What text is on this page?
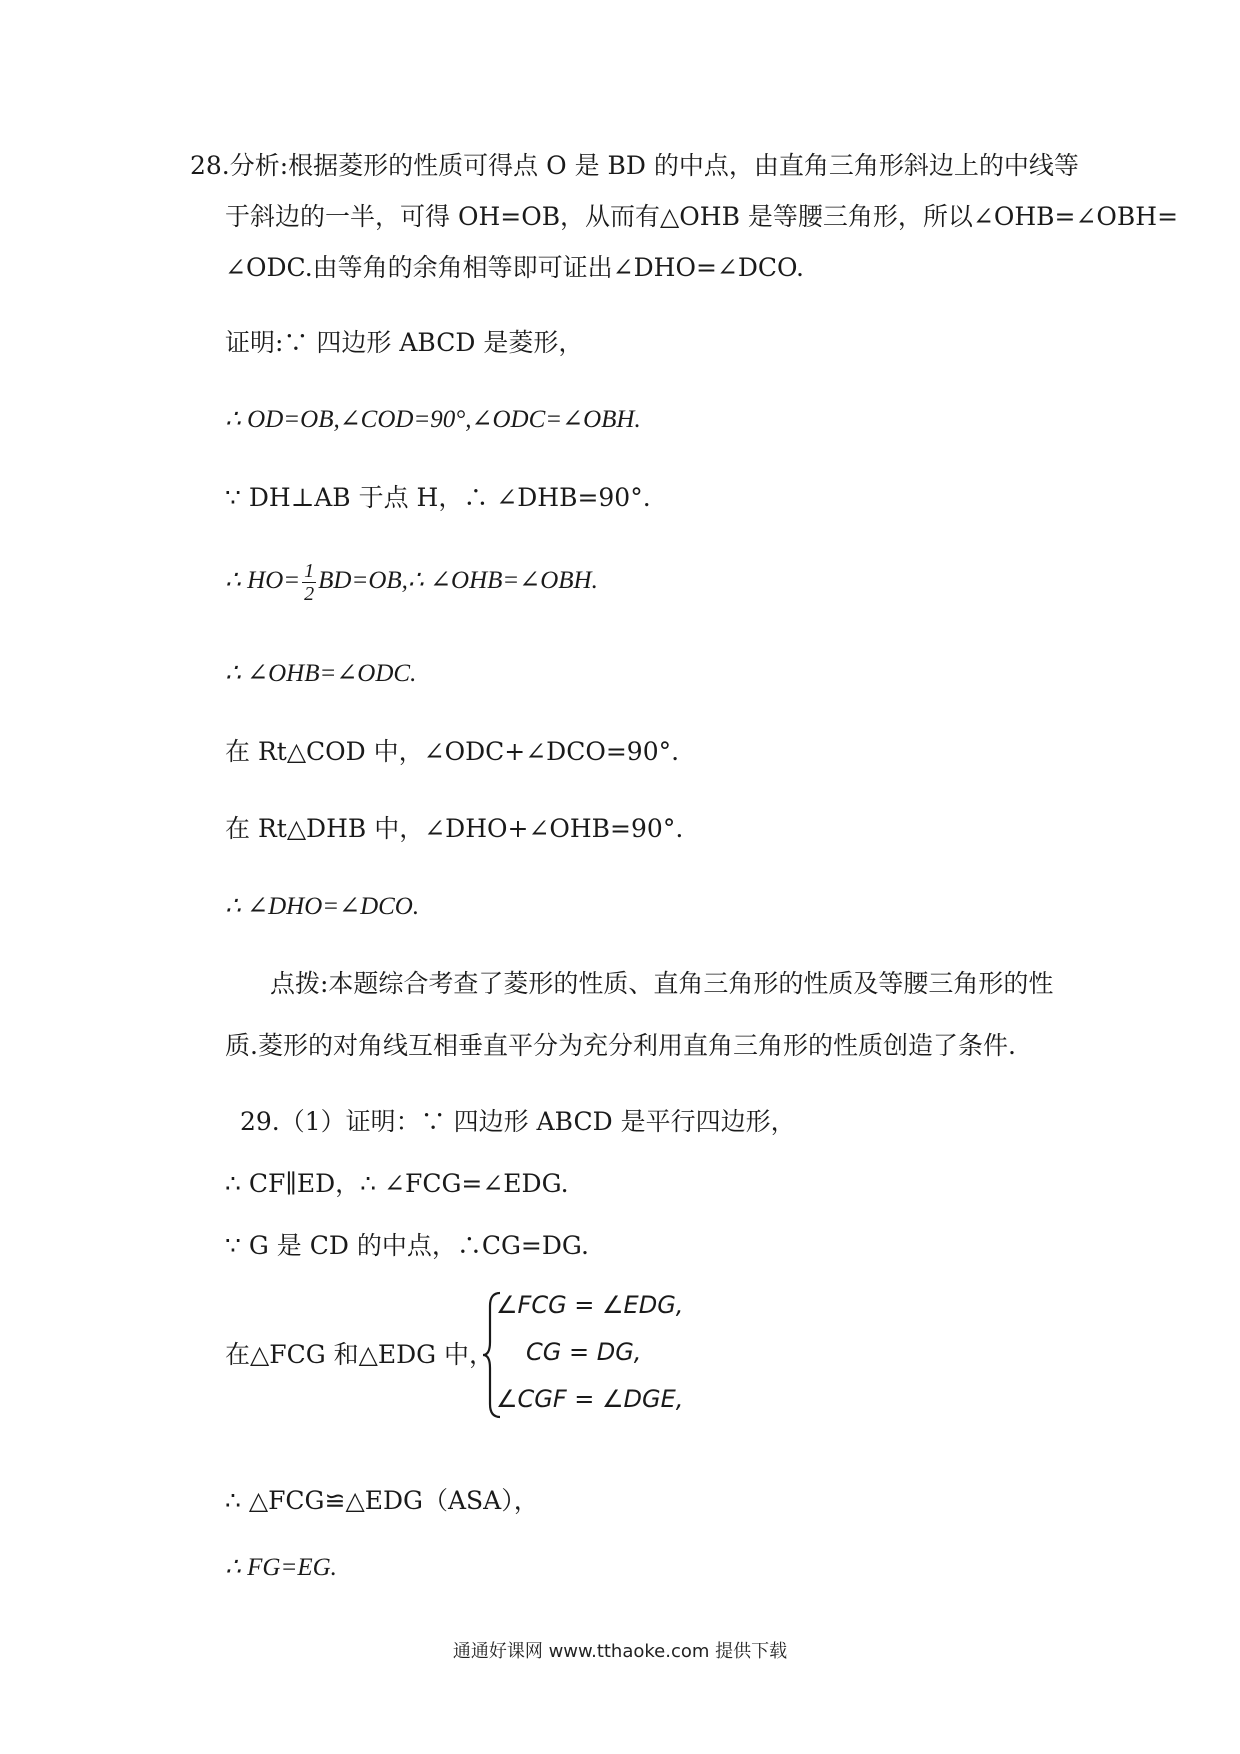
28.分析:根据菱形的性质可得点 O 是 BD 的中点，由直角三角形斜边上的中线等
于斜边的一半，可得 OH=OB，从而有△OHB 是等腰三角形，所以∠OHB=∠OBH=
∠ODC.由等角的余角相等即可证出∠DHO=∠DCO.
证明:∵ 四边形 ABCD 是菱形，
∴ OD=OB,∠COD=90°,∠ODC=∠OBH.
∵ DH⊥AB 于点 H，∴ ∠DHB=90°.
∴ $HO= \frac{1}{2}$ BD=OB,∴ ∠OHB=∠OBH.
∴ ∠OHB=∠ODC.
在 Rt△COD 中，∠ODC+∠DCO=90°.
在 Rt△DHB 中，∠DHO+∠OHB=90°.
∴ ∠DHO=∠DCO.
点拨:本题综合考查了菱形的性质、直角三角形的性质及等腰三角形的性
质.菱形的对角线互相垂直平分为充分利用直角三角形的性质创造了条件.
29.（1）证明：∵ 四边形 ABCD 是平行四边形，
∴ CF∥ED，∴ ∠FCG=∠EDG.
∵ G 是 CD 的中点，∴CG=DG.
在△FCG 和△EDG 中，
∠FCG = ∠EDG,
CG = DG,
∠CGF = ∠DGE,
∴ △FCG≌△EDG（ASA），
∴ FG=EG.
通通好课网 www.tthaoke.com 提供下载
